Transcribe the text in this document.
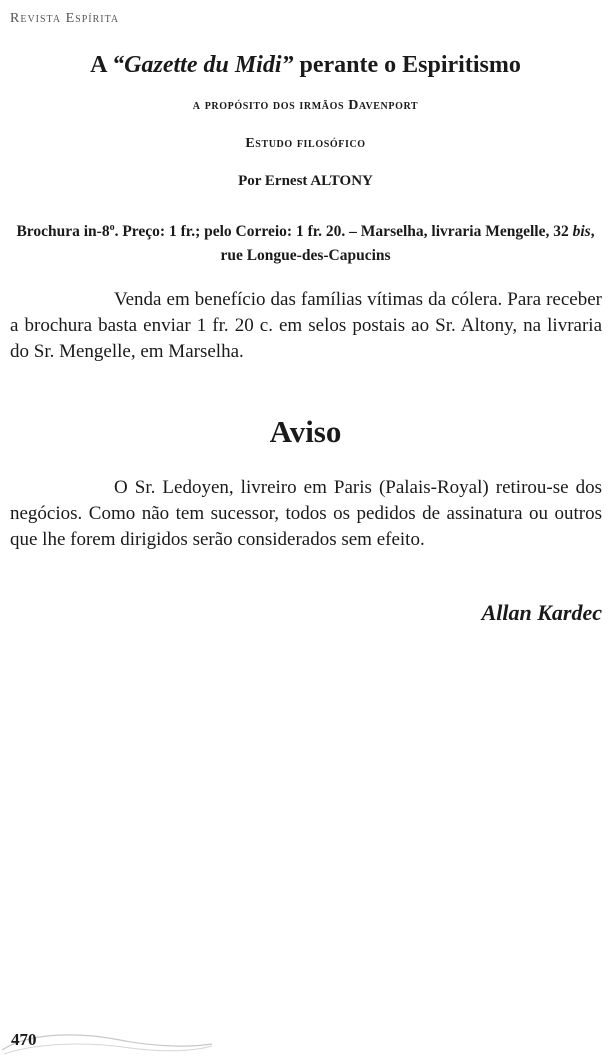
Revista Espírita
A “Gazette du Midi” perante o Espiritismo
a propósito dos irmãos Davenport
Estudo filosófico
Por Ernest ALTONY
Brochura in-8$^o$. Preço: 1 fr.; pelo Correio: 1 fr. 20. – Marselha, livraria Mengelle, 32 bis, rue Longue-des-Capucins

Venda em benefício das famílias vítimas da cólera. Para receber a brochura basta enviar 1 fr. 20 c. em selos postais ao Sr. Altony, na livraria do Sr. Mengelle, em Marselha.

Aviso

O Sr. Ledoyen, livreiro em Paris (Palais-Royal) retirou-se dos negócios. Como não tem sucessor, todos os pedidos de assinatura ou outros que lhe forem dirigidos serão considerados sem efeito.

Allan Kardec
470
